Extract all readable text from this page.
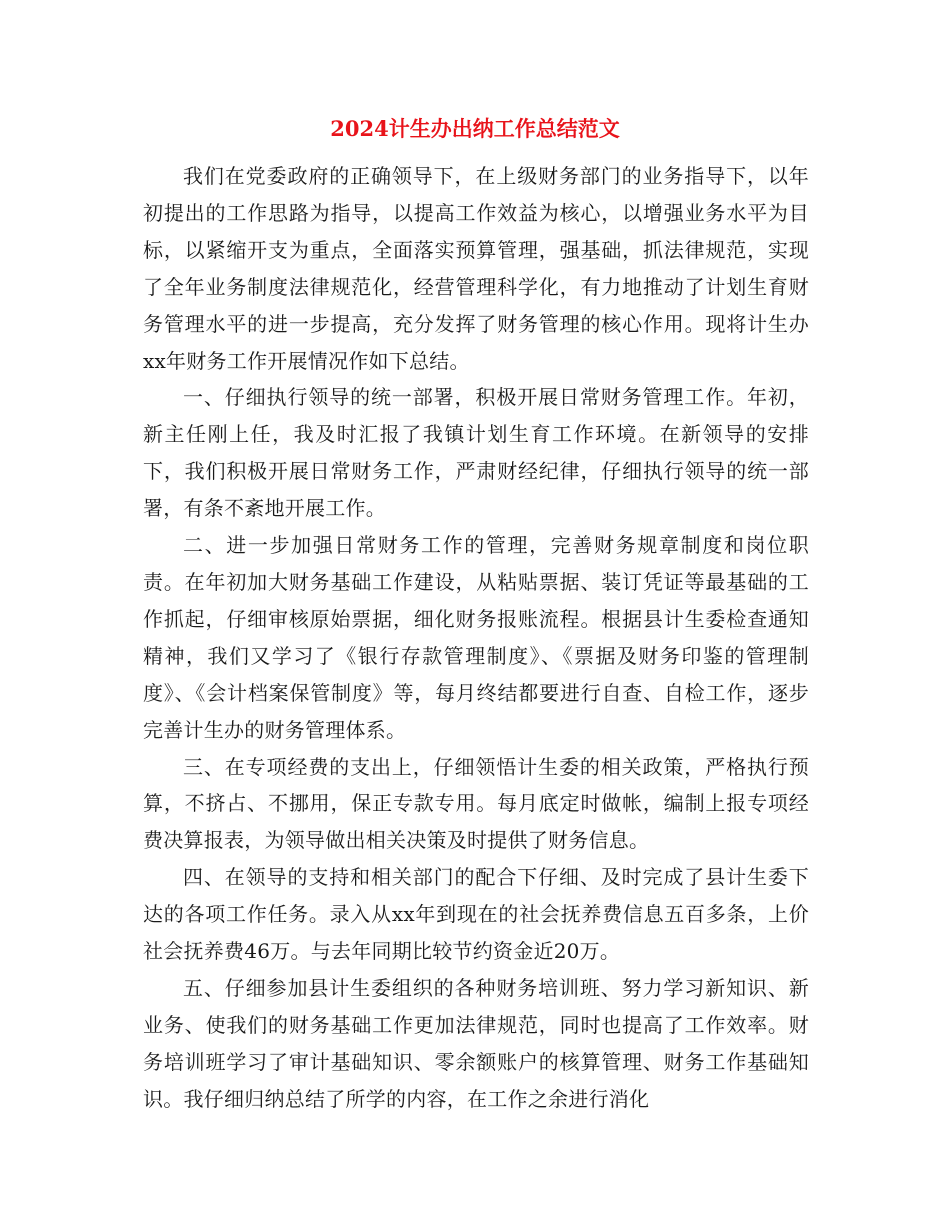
2024计生办出纳工作总结范文

我们在党委政府的正确领导下，在上级财务部门的业务指导下，以年初提出的工作思路为指导，以提高工作效益为核心，以增强业务水平为目标，以紧缩开支为重点，全面落实预算管理，强基础，抓法律规范，实现了全年业务制度法律规范化，经营管理科学化，有力地推动了计划生育财务管理水平的进一步提高，充分发挥了财务管理的核心作用。现将计生办xx年财务工作开展情况作如下总结。

一、仔细执行领导的统一部署，积极开展日常财务管理工作。年初，新主任刚上任，我及时汇报了我镇计划生育工作环境。在新领导的安排下，我们积极开展日常财务工作，严肃财经纪律，仔细执行领导的统一部署，有条不紊地开展工作。

二、进一步加强日常财务工作的管理，完善财务规章制度和岗位职责。在年初加大财务基础工作建设，从粘贴票据、装订凭证等最基础的工作抓起，仔细审核原始票据，细化财务报账流程。根据县计生委检查通知精神，我们又学习了《银行存款管理制度》、《票据及财务印鉴的管理制度》、《会计档案保管制度》等，每月终结都要进行自查、自检工作，逐步完善计生办的财务管理体系。

三、在专项经费的支出上，仔细领悟计生委的相关政策，严格执行预算，不挤占、不挪用，保正专款专用。每月底定时做帐，编制上报专项经费决算报表，为领导做出相关决策及时提供了财务信息。

四、在领导的支持和相关部门的配合下仔细、及时完成了县计生委下达的各项工作任务。录入从xx年到现在的社会抚养费信息五百多条，上价社会抚养费46万。与去年同期比较节约资金近20万。

五、仔细参加县计生委组织的各种财务培训班、努力学习新知识、新业务、使我们的财务基础工作更加法律规范，同时也提高了工作效率。财务培训班学习了审计基础知识、零余额账户的核算管理、财务工作基础知识。我仔细归纳总结了所学的内容，在工作之余进行消化
